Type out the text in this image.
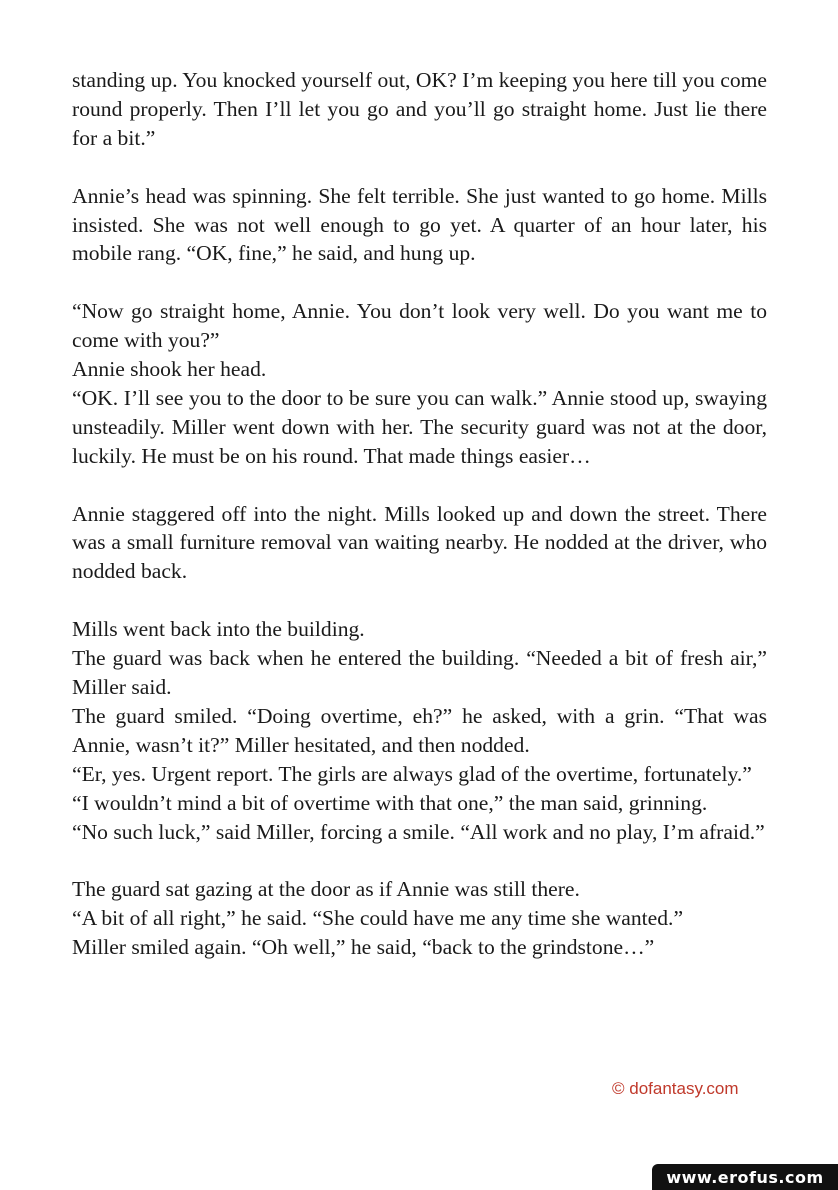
standing up. You knocked yourself out, OK? I’m keeping you here till you come round properly. Then I’ll let you go and you’ll go straight home. Just lie there for a bit.”

Annie’s head was spinning. She felt terrible. She just wanted to go home. Mills insisted. She was not well enough to go yet. A quarter of an hour later, his mobile rang. “OK, fine,” he said, and hung up.

“Now go straight home, Annie. You don’t look very well. Do you want me to come with you?”

Annie shook her head.

“OK. I’ll see you to the door to be sure you can walk.” Annie stood up, swaying unsteadily. Miller went down with her. The security guard was not at the door, luckily. He must be on his round. That made things easier…

Annie staggered off into the night. Mills looked up and down the street. There was a small furniture removal van waiting nearby. He nodded at the driver, who nodded back.

Mills went back into the building.

The guard was back when he entered the building. “Needed a bit of fresh air,” Miller said.

The guard smiled. “Doing overtime, eh?” he asked, with a grin. “That was Annie, wasn’t it?” Miller hesitated, and then nodded.

“Er, yes. Urgent report. The girls are always glad of the overtime, fortunately.”

“I wouldn’t mind a bit of overtime with that one,” the man said, grinning.

“No such luck,” said Miller, forcing a smile. “All work and no play, I’m afraid.”

The guard sat gazing at the door as if Annie was still there.

“A bit of all right,” he said. “She could have me any time she wanted.”

Miller smiled again. “Oh well,” he said, “back to the grindstone…”

© dofantasy.com
www.erofus.com
